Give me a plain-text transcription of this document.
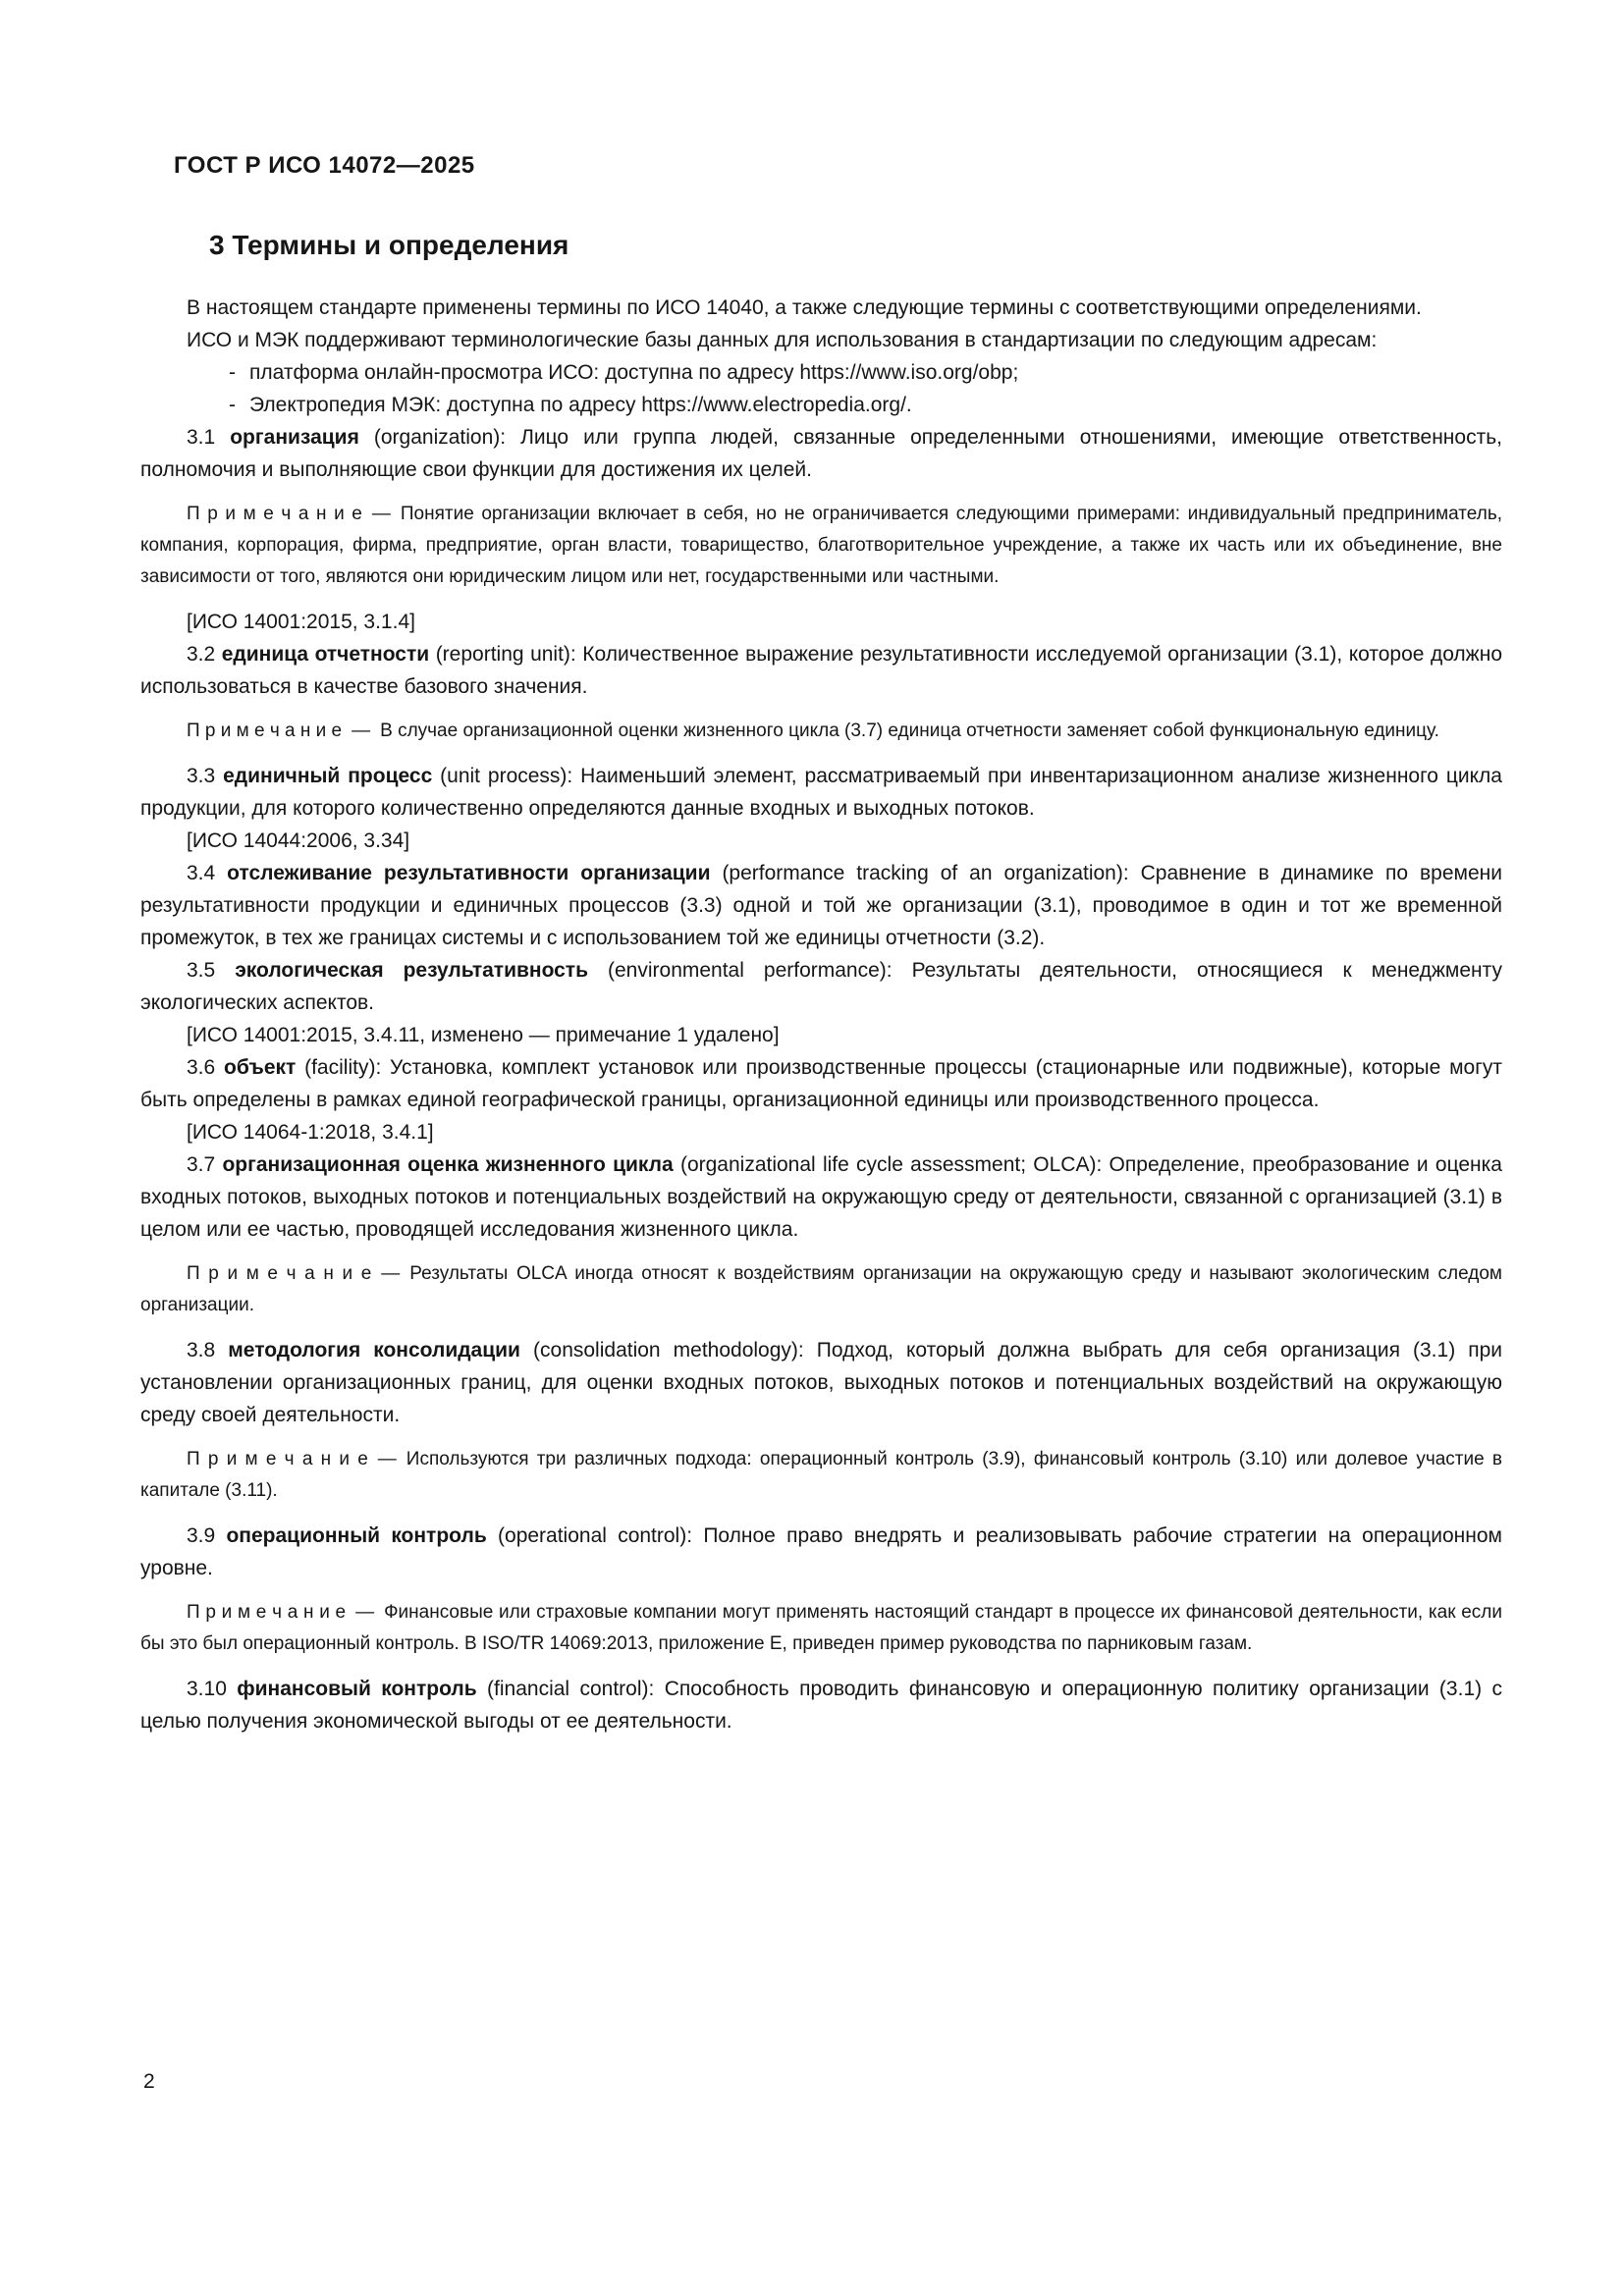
ГОСТ Р ИСО 14072—2025
3 Термины и определения

В настоящем стандарте применены термины по ИСО 14040, а также следующие термины с соответствующими определениями.

ИСО и МЭК поддерживают терминологические базы данных для использования в стандартизации по следующим адресам:

- платформа онлайн-просмотра ИСО: доступна по адресу https://www.iso.org/obp;

- Электропедия МЭК: доступна по адресу https://www.electropedia.org/.

3.1 организация (organization): Лицо или группа людей, связанные определенными отношениями, имеющие ответственность, полномочия и выполняющие свои функции для достижения их целей.

П р и м е ч а н и е — Понятие организации включает в себя, но не ограничивается следующими примерами: индивидуальный предприниматель, компания, корпорация, фирма, предприятие, орган власти, товарищество, благотворительное учреждение, а также их часть или их объединение, вне зависимости от того, являются они юридическим лицом или нет, государственными или частными.

[ИСО 14001:2015, 3.1.4]

3.2 единица отчетности (reporting unit): Количественное выражение результативности исследуемой организации (3.1), которое должно использоваться в качестве базового значения.

П р и м е ч а н и е — В случае организационной оценки жизненного цикла (3.7) единица отчетности заменяет собой функциональную единицу.

3.3 единичный процесс (unit process): Наименьший элемент, рассматриваемый при инвентаризационном анализе жизненного цикла продукции, для которого количественно определяются данные входных и выходных потоков.

[ИСО 14044:2006, 3.34]

3.4 отслеживание результативности организации (performance tracking of an organization): Сравнение в динамике по времени результативности продукции и единичных процессов (3.3) одной и той же организации (3.1), проводимое в один и тот же временной промежуток, в тех же границах системы и с использованием той же единицы отчетности (3.2).

3.5 экологическая результативность (environmental performance): Результаты деятельности, относящиеся к менеджменту экологических аспектов.

[ИСО 14001:2015, 3.4.11, изменено — примечание 1 удалено]

3.6 объект (facility): Установка, комплект установок или производственные процессы (стационарные или подвижные), которые могут быть определены в рамках единой географической границы, организационной единицы или производственного процесса.

[ИСО 14064-1:2018, 3.4.1]

3.7 организационная оценка жизненного цикла (organizational life cycle assessment; OLCA): Определение, преобразование и оценка входных потоков, выходных потоков и потенциальных воздействий на окружающую среду от деятельности, связанной с организацией (3.1) в целом или ее частью, проводящей исследования жизненного цикла.

П р и м е ч а н и е — Результаты OLCA иногда относят к воздействиям организации на окружающую среду и называют экологическим следом организации.

3.8 методология консолидации (consolidation methodology): Подход, который должна выбрать для себя организация (3.1) при установлении организационных границ, для оценки входных потоков, выходных потоков и потенциальных воздействий на окружающую среду своей деятельности.

П р и м е ч а н и е — Используются три различных подхода: операционный контроль (3.9), финансовый контроль (3.10) или долевое участие в капитале (3.11).

3.9 операционный контроль (operational control): Полное право внедрять и реализовывать рабочие стратегии на операционном уровне.

П р и м е ч а н и е — Финансовые или страховые компании могут применять настоящий стандарт в процессе их финансовой деятельности, как если бы это был операционный контроль. В ISO/TR 14069:2013, приложение Е, приведен пример руководства по парниковым газам.

3.10 финансовый контроль (financial control): Способность проводить финансовую и операционную политику организации (3.1) с целью получения экономической выгоды от ее деятельности.

2
